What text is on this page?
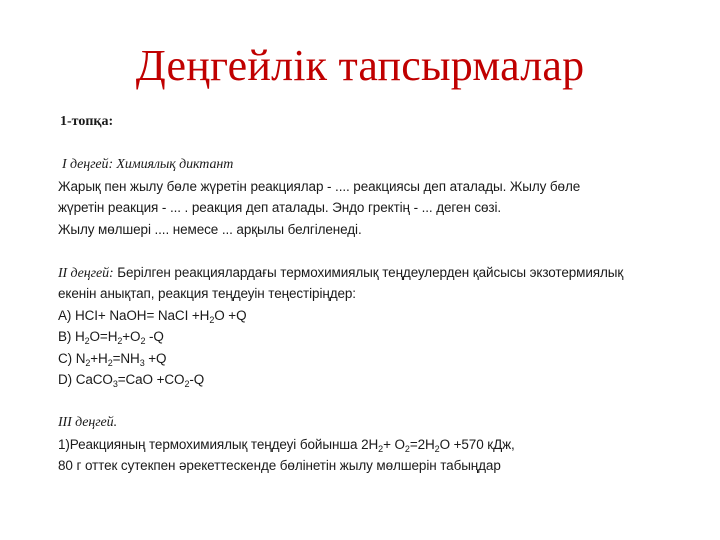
Деңгейлік тапсырмалар
1-топқа:
I деңгей: Химиялық диктант
Жарық пен жылу бөле жүретін реакциялар - .... реакциясы деп аталады. Жылу бөле
жүретін реакция - ... . реакция деп аталады. Эндо гректің - ... деген сөзі.
Жылу мөлшері .... немесе ... арқылы белгіленеді.
II деңгей: Берілген реакциялардағы термохимиялық теңдеулерден қайсысы экзотермиялық
екенін анықтап, реакция теңдеуін теңестіріңдер:
A) HCI+ NaOH= NaCI $+H_2O +Q$
B) $H_2O=H_2+O_2$ -Q
C) $N_2+H_2=NH_3 +Q$
D) CaCO$_3$=CaO $+CO_2-Q$
III деңгей.
1)Реакцияның термохимиялық теңдеуі бойынша $2H_2+ O_2=2H_2O +570$ кДж,
80 г оттек сутекпен әрекеттескенде бөлінетін жылу мөлшерін табыңдар
